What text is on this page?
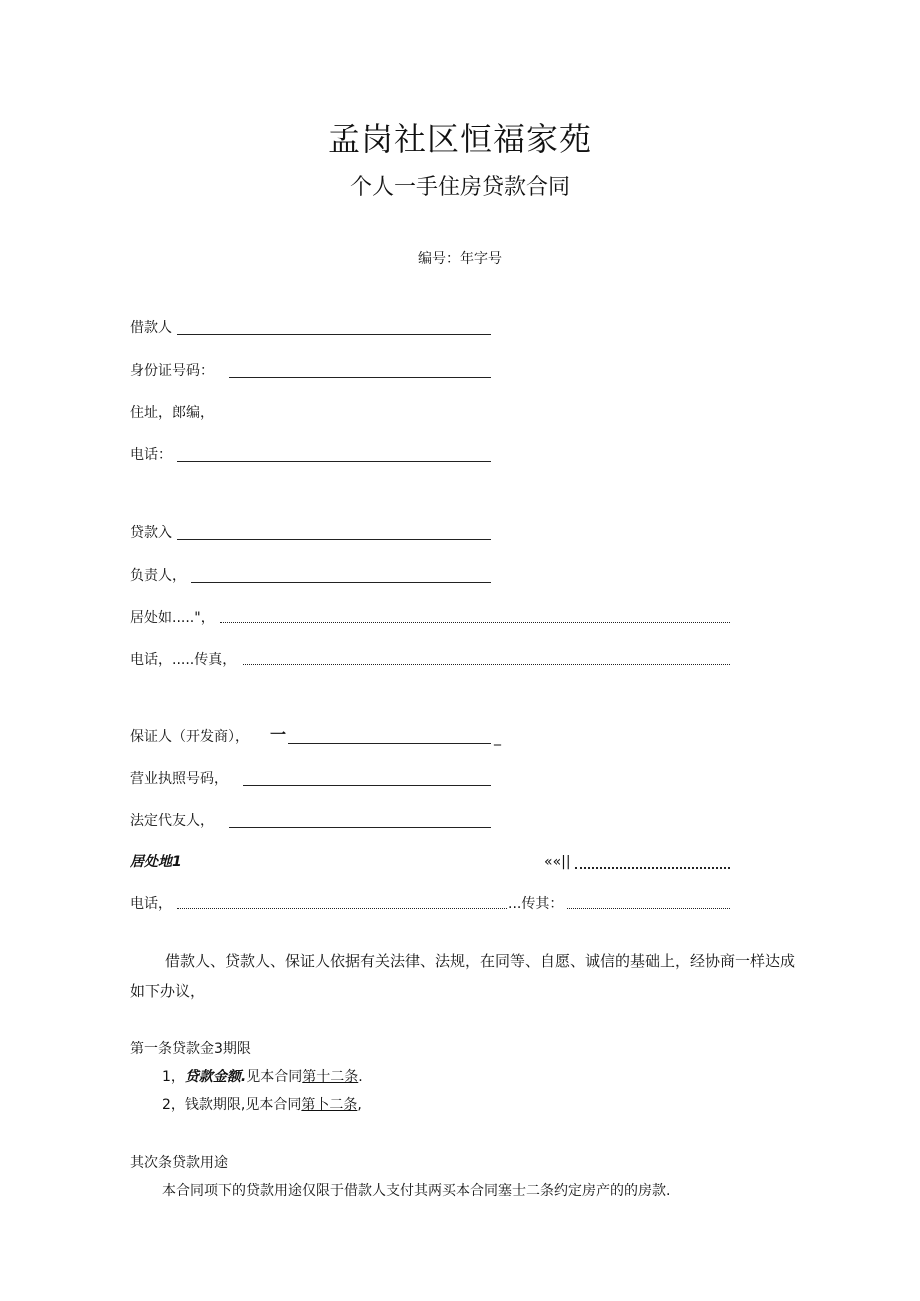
孟岗社区恒福家苑
个人一手住房贷款合同
编号：年字号
借款人
身份证号码：
住址，郎编，
电话：
贷款入
负责人，
居处如....."，
电话，.....传真，
保证人（开发商）， 一	_
营业执照号码，
法定代友人，
居处地1	««||
电话，	...传其：
借款人、贷款人、保证人依据有关法律、法规，在同等、自愿、诚信的基础上，经协商一样达成
如下办议，
第一条贷款金3期限
1，贷款金额.见本合同第十二条.
2，钱款期限,见本合同第卜二条,
其次条贷款用途
本合同项下的贷款用途仅限于借款人支付其两买本合同塞士二条约定房产的的房款.
